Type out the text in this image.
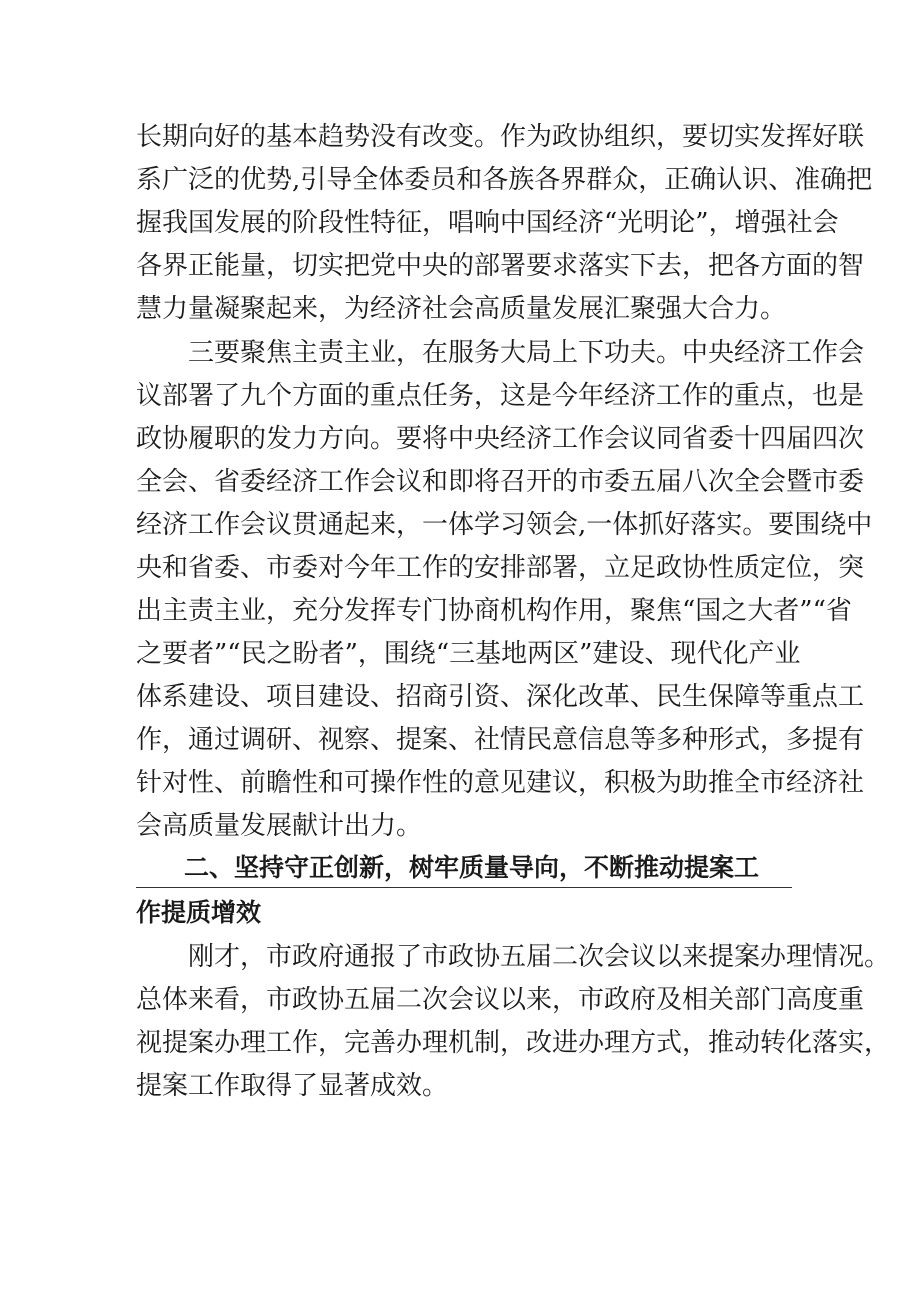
长期向好的基本趋势没有改变。作为政协组织，要切实发挥好联
系广泛的优势,引导全体委员和各族各界群众，正确认识、准确把
握我国发展的阶段性特征，唱响中国经济“光明论”，增强社会
各界正能量，切实把党中央的部署要求落实下去，把各方面的智
慧力量凝聚起来，为经济社会高质量发展汇聚强大合力。
三要聚焦主责主业，在服务大局上下功夫。中央经济工作会
议部署了九个方面的重点任务，这是今年经济工作的重点，也是
政协履职的发力方向。要将中央经济工作会议同省委十四届四次
全会、省委经济工作会议和即将召开的市委五届八次全会暨市委
经济工作会议贯通起来，一体学习领会,一体抓好落实。要围绕中
央和省委、市委对今年工作的安排部署，立足政协性质定位，突
出主责主业，充分发挥专门协商机构作用，聚焦“国之大者”“省
之要者”“民之盼者”，围绕“三基地两区”建设、现代化产业
体系建设、项目建设、招商引资、深化改革、民生保障等重点工
作，通过调研、视察、提案、社情民意信息等多种形式，多提有
针对性、前瞻性和可操作性的意见建议，积极为助推全市经济社
会高质量发展献计出力。
二、坚持守正创新，树牢质量导向，不断推动提案工
作提质增效
刚才，市政府通报了市政协五届二次会议以来提案办理情况。
总体来看，市政协五届二次会议以来，市政府及相关部门高度重
视提案办理工作，完善办理机制，改进办理方式，推动转化落实，
提案工作取得了显著成效。
